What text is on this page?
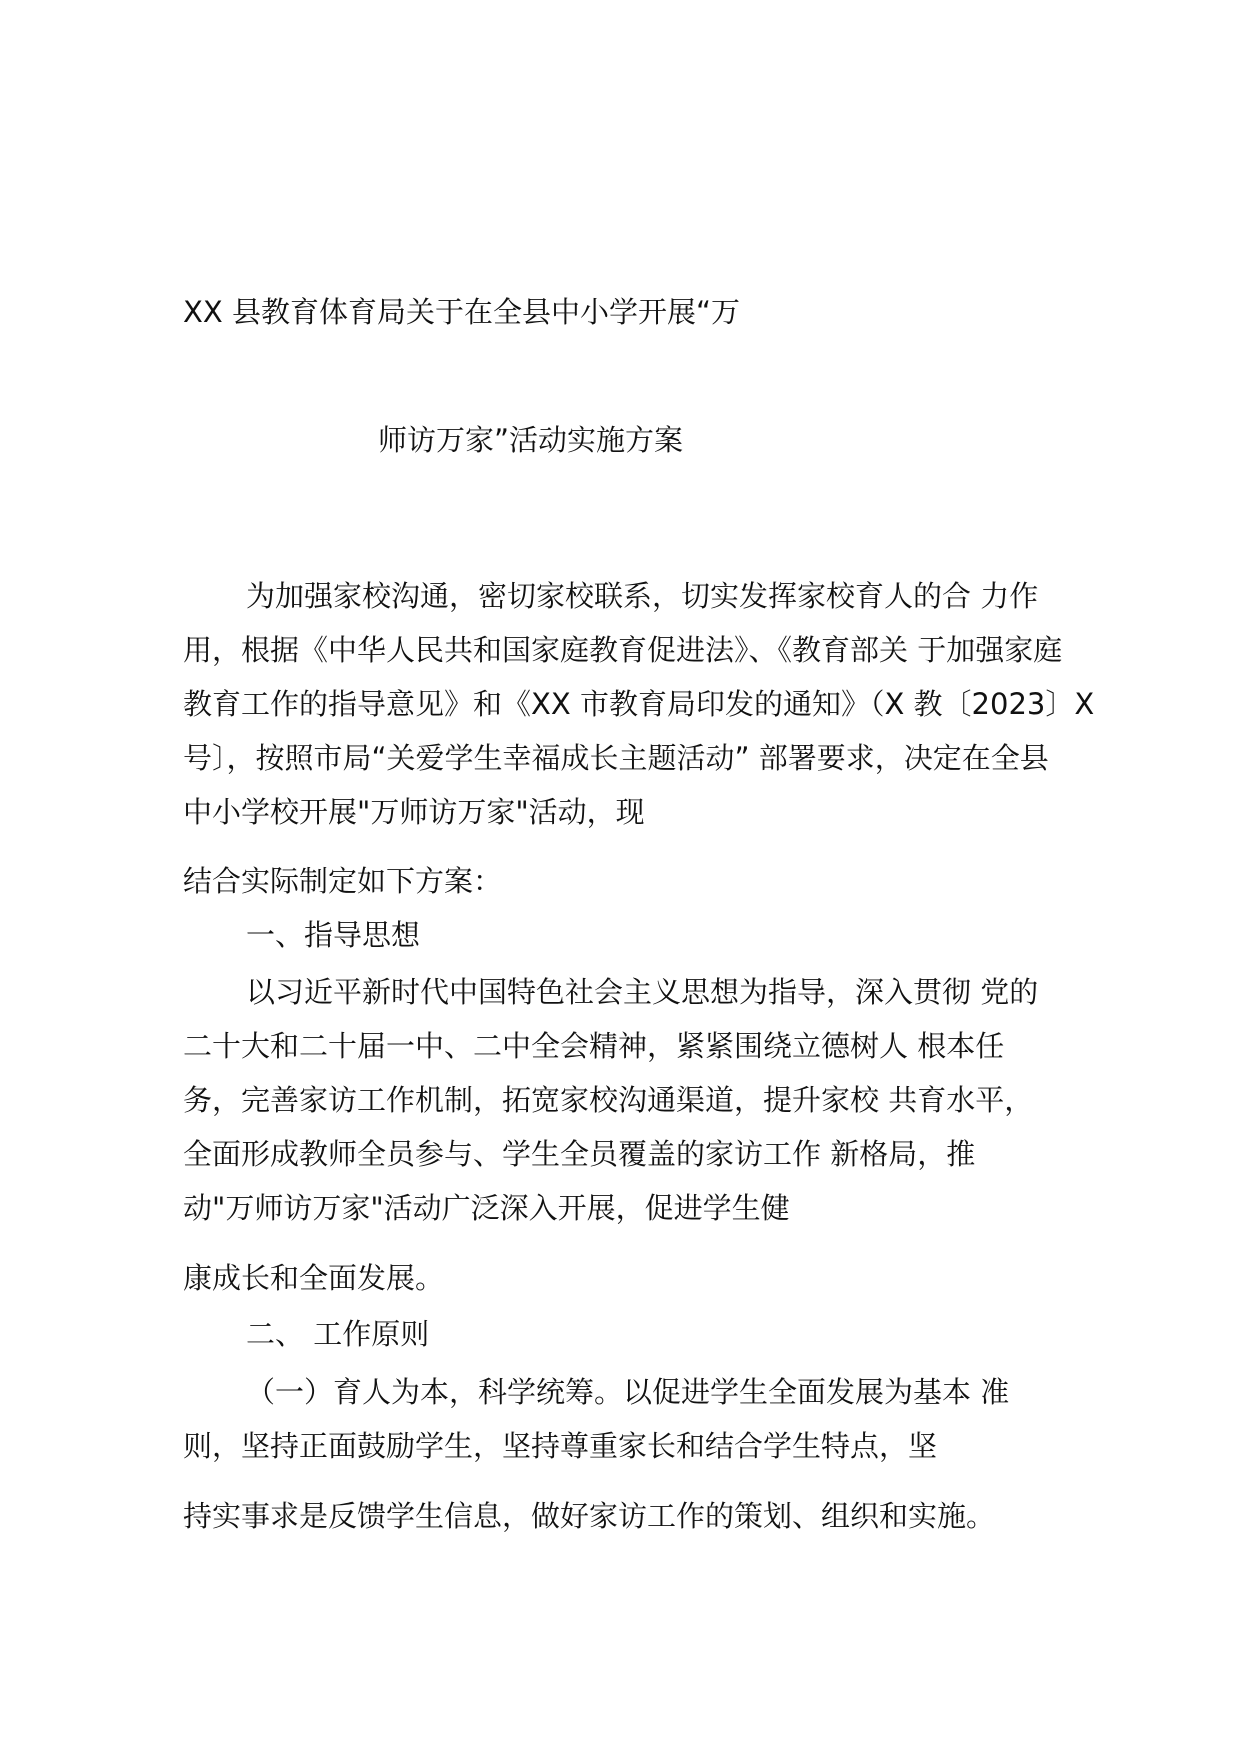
XX 县教育体育局关于在全县中小学开展“万
师访万家”活动实施方案
为加强家校沟通，密切家校联系，切实发挥家校育人的合 力作
用，根据《中华人民共和国家庭教育促进法》、《教育部关 于加强家庭
教育工作的指导意见》和《XX 市教育局印发的通知》（X 教〔2023〕X
号〕，按照市局“关爱学生幸福成长主题活动” 部署要求，决定在全县
中小学校开展"万师访万家"活动，现
结合实际制定如下方案：
一、指导思想
以习近平新时代中国特色社会主义思想为指导，深入贯彻 党的
二十大和二十届一中、二中全会精神，紧紧围绕立德树人 根本任
务，完善家访工作机制，拓宽家校沟通渠道，提升家校 共育水平，
全面形成教师全员参与、学生全员覆盖的家访工作 新格局，推
动"万师访万家"活动广泛深入开展，促进学生健
康成长和全面发展。
二、 工作原则
（一）育人为本，科学统筹。以促进学生全面发展为基本 准
则，坚持正面鼓励学生，坚持尊重家长和结合学生特点，坚
持实事求是反馈学生信息，做好家访工作的策划、组织和实施。
